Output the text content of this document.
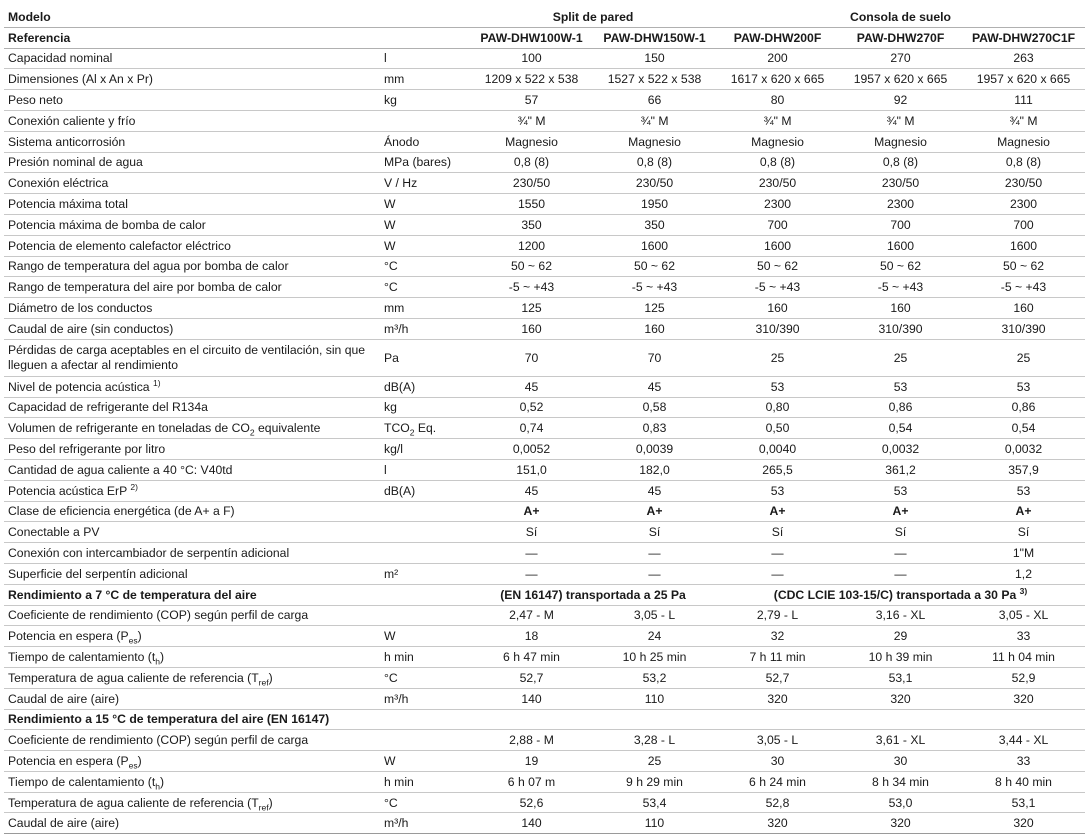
Modelo		Split de pared		Consola de suelo		
Referencia		PAW-DHW100W-1	PAW-DHW150W-1	PAW-DHW200F	PAW-DHW270F	PAW-DHW270C1F
Capacidad nominal	l	100	150	200	270	263
Dimensiones (Al x An x Pr)	mm	1209 x 522 x 538	1527 x 522 x 538	1617 x 620 x 665	1957 x 620 x 665	1957 x 620 x 665
Peso neto	kg	57	66	80	92	111
Conexión caliente y frío		¾" M	¾" M	¾" M	¾" M	¾" M
Sistema anticorrosión	Ánodo	Magnesio	Magnesio	Magnesio	Magnesio	Magnesio
Presión nominal de agua	MPa (bares)	0,8 (8)	0,8 (8)	0,8 (8)	0,8 (8)	0,8 (8)
Conexión eléctrica	V / Hz	230/50	230/50	230/50	230/50	230/50
Potencia máxima total	W	1550	1950	2300	2300	2300
Potencia máxima de bomba de calor	W	350	350	700	700	700
Potencia de elemento calefactor eléctrico	W	1200	1600	1600	1600	1600
Rango de temperatura del agua por bomba de calor	°C	50 ~ 62	50 ~ 62	50 ~ 62	50 ~ 62	50 ~ 62
Rango de temperatura del aire por bomba de calor	°C	-5 ~ +43	-5 ~ +43	-5 ~ +43	-5 ~ +43	-5 ~ +43
Diámetro de los conductos	mm	125	125	160	160	160
Caudal de aire (sin conductos)	m³/h	160	160	310/390	310/390	310/390
Pérdidas de carga aceptables en el circuito de ventilación, sin que lleguen a afectar al rendimiento	Pa	70	70	25	25	25
Nivel de potencia acústica $^{1)}$	dB(A)	45	45	53	53	53
Capacidad de refrigerante del R134a	kg	0,52	0,58	0,80	0,86	0,86
Volumen de refrigerante en toneladas de $CO_2$ equivalente	$TCO_2$ Eq.	0,74	0,83	0,50	0,54	0,54
Peso del refrigerante por litro	kg/l	0,0052	0,0039	0,0040	0,0032	0,0032
Cantidad de agua caliente a 40 °C: V40td	l	151,0	182,0	265,5	361,2	357,9
Potencia acústica ErP $^{2)}$	dB(A)	45	45	53	53	53
Clase de eficiencia energética (de A+ a F)		A+	A+	A+	A+	A+
Conectable a PV		Sí	Sí	Sí	Sí	Sí
Conexión con intercambiador de serpentín adicional		—	—	—	—	1"M
Superficie del serpentín adicional	m²	—	—	—	—	1,2
Rendimiento a 7 °C de temperatura del aire		(EN 16147) transportada a 25 Pa		(CDC LCIE 103-15/C) transportada a 30 Pa $^{3)}$
Coeficiente de rendimiento (COP) según perfil de carga		2,47 - M	3,05 - L	2,79 - L	3,16 - XL	3,05 - XL
Potencia en espera $(P_{es})$	W	18	24	32	29	33
Tiempo de calentamiento $(t_h)$	h min	6 h 47 min	10 h 25 min	7 h 11 min	10 h 39 min	11 h 04 min
Temperatura de agua caliente de referencia $(T_{ref})$	°C	52,7	53,2	52,7	53,1	52,9
Caudal de aire (aire)	m³/h	140	110	320	320	320
Rendimiento a 15 °C de temperatura del aire (EN 16147)						
Coeficiente de rendimiento (COP) según perfil de carga		2,88 - M	3,28 - L	3,05 - L	3,61 - XL	3,44 - XL
Potencia en espera $(P_{es})$	W	19	25	30	30	33
Tiempo de calentamiento $(t_h)$	h min	6 h 07 m	9 h 29 min	6 h 24 min	8 h 34 min	8 h 40 min
Temperatura de agua caliente de referencia $(T_{ref})$	°C	52,6	53,4	52,8	53,0	53,1
Caudal de aire (aire)	m³/h	140	110	320	320	320
